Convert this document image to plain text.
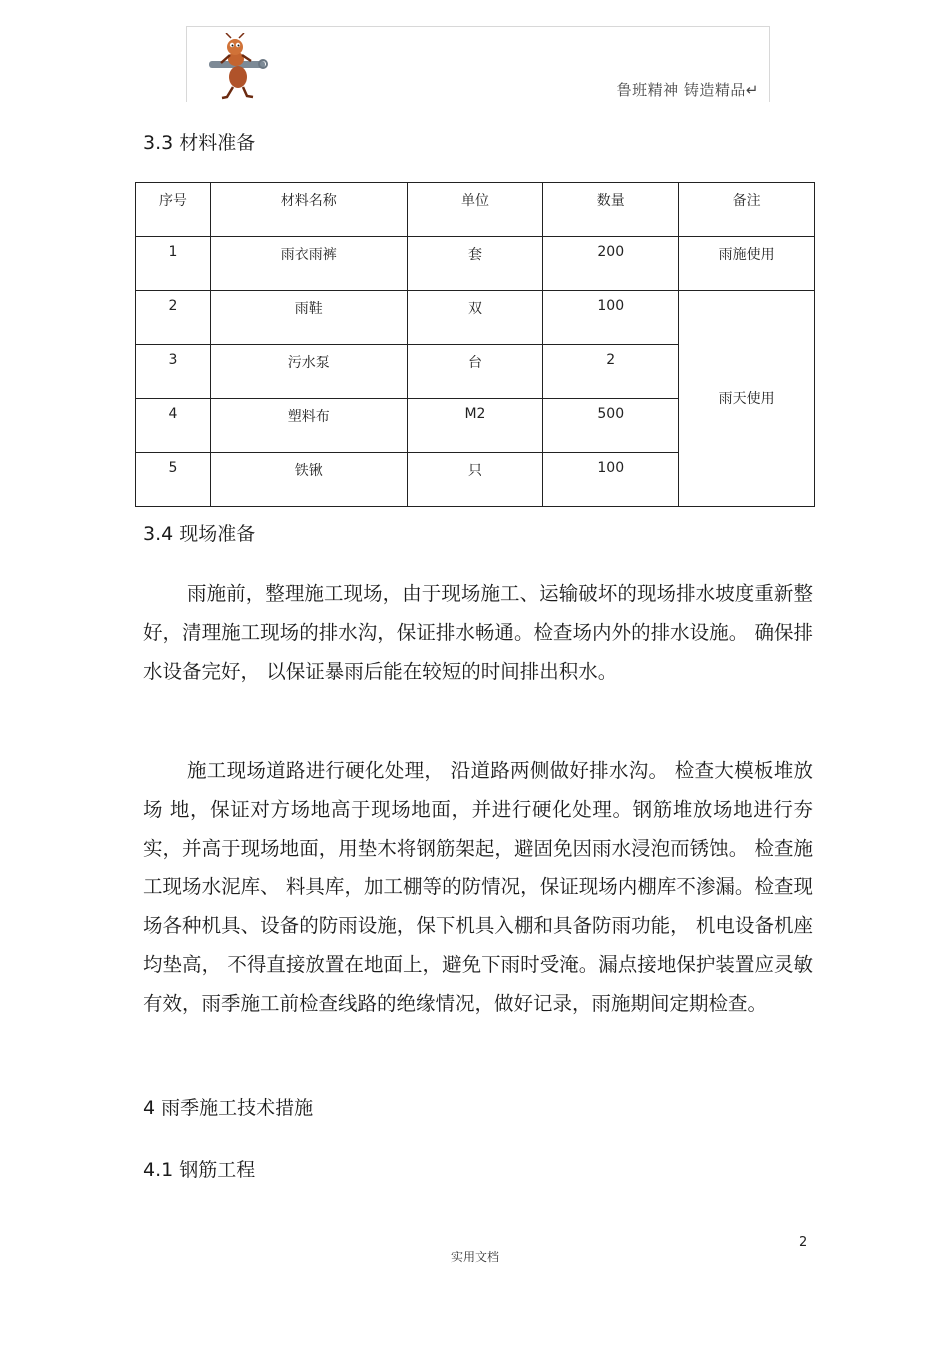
鲁班精神 铸造精品↵
3.3 材料准备
序号	材料名称	单位	数量	备注
1	雨衣雨裤	套	200	雨施使用
2	雨鞋	双	100	雨天使用
3	污水泵	台	2	
4	塑料布	M2	500	
5	铁锹	只	100	
3.4 现场准备

雨施前，整理施工现场，由于现场施工、运输破坏的现场排水坡度重新整好，清理施工现场的排水沟，保证排水畅通。检查场内外的排水设施。 确保排水设备完好， 以保证暴雨后能在较短的时间排出积水。

施工现场道路进行硬化处理， 沿道路两侧做好排水沟。 检查大模板堆放场 地，保证对方场地高于现场地面，并进行硬化处理。钢筋堆放场地进行夯实，并高于现场地面，用垫木将钢筋架起，避固免因雨水浸泡而锈蚀。 检查施工现场水泥库、 料具库，加工棚等的防情况，保证现场内棚库不渗漏。检查现场各种机具、设备的防雨设施，保下机具入棚和具备防雨功能， 机电设备机座均垫高， 不得直接放置在地面上，避免下雨时受淹。漏点接地保护装置应灵敏有效，雨季施工前检查线路的绝缘情况，做好记录，雨施期间定期检查。

4 雨季施工技术措施
4.1 钢筋工程
2
实用文档
